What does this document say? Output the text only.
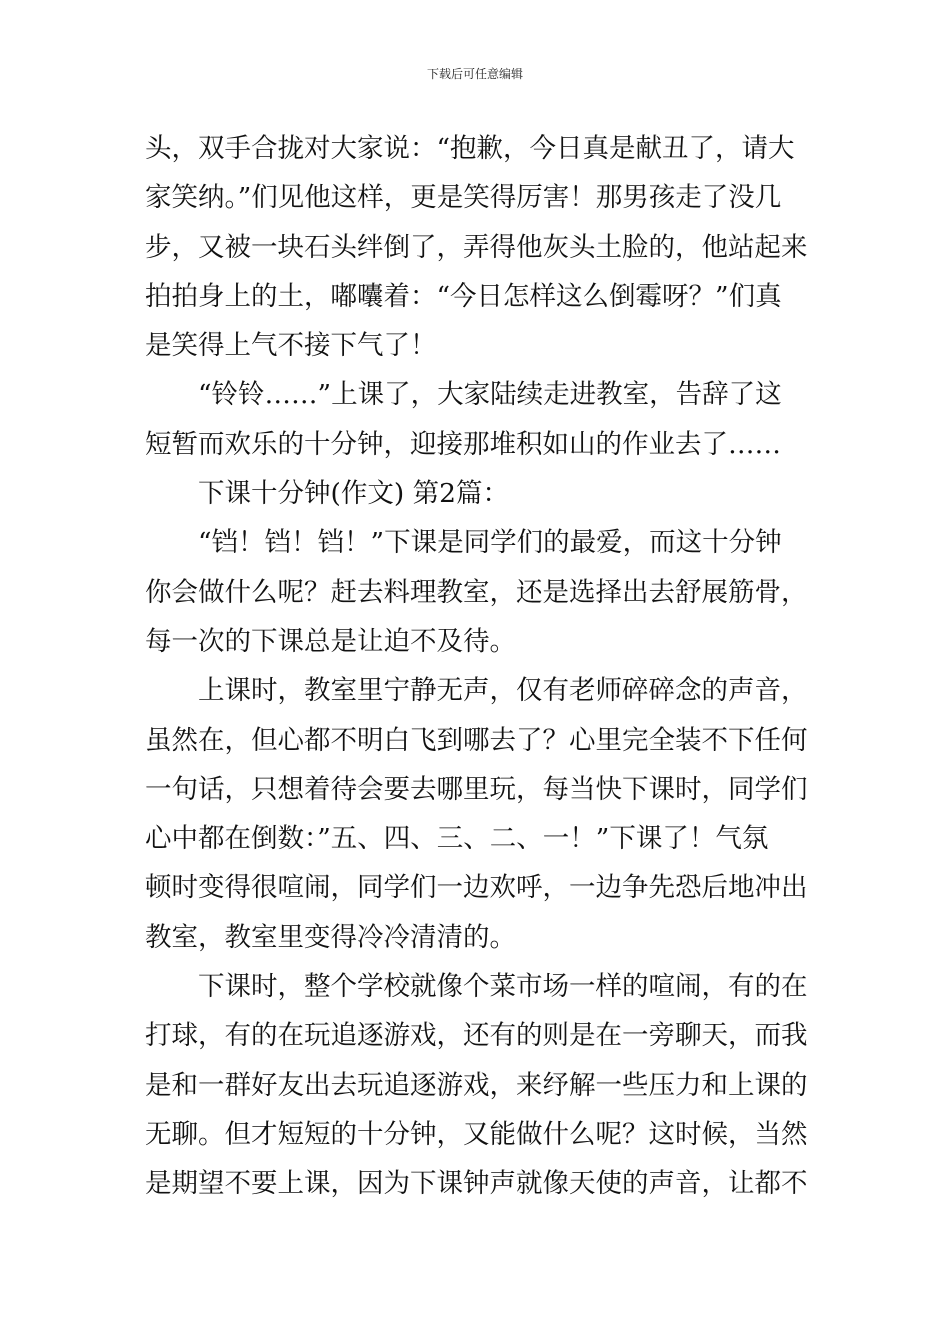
下载后可任意编辑
头，双手合拢对大家说：“抱歉，今日真是献丑了，请大
家笑纳。”们见他这样，更是笑得厉害！那男孩走了没几
步，又被一块石头绊倒了，弄得他灰头土脸的，他站起来
拍拍身上的土，嘟囔着：“今日怎样这么倒霉呀？”们真
是笑得上气不接下气了！
“铃铃……”上课了，大家陆续走进教室，告辞了这
短暂而欢乐的十分钟，迎接那堆积如山的作业去了……
下课十分钟(作文) 第2篇：
“铛！铛！铛！”下课是同学们的最爱，而这十分钟
你会做什么呢？赶去料理教室，还是选择出去舒展筋骨，
每一次的下课总是让迫不及待。
上课时，教室里宁静无声，仅有老师碎碎念的声音，
虽然在，但心都不明白飞到哪去了？心里完全装不下任何
一句话，只想着待会要去哪里玩，每当快下课时，同学们
心中都在倒数：”五、四、三、二、一！”下课了！气氛
顿时变得很喧闹，同学们一边欢呼，一边争先恐后地冲出
教室，教室里变得冷冷清清的。
下课时，整个学校就像个菜市场一样的喧闹，有的在
打球，有的在玩追逐游戏，还有的则是在一旁聊天，而我
是和一群好友出去玩追逐游戏，来纾解一些压力和上课的
无聊。但才短短的十分钟，又能做什么呢？这时候，当然
是期望不要上课，因为下课钟声就像天使的声音，让都不
